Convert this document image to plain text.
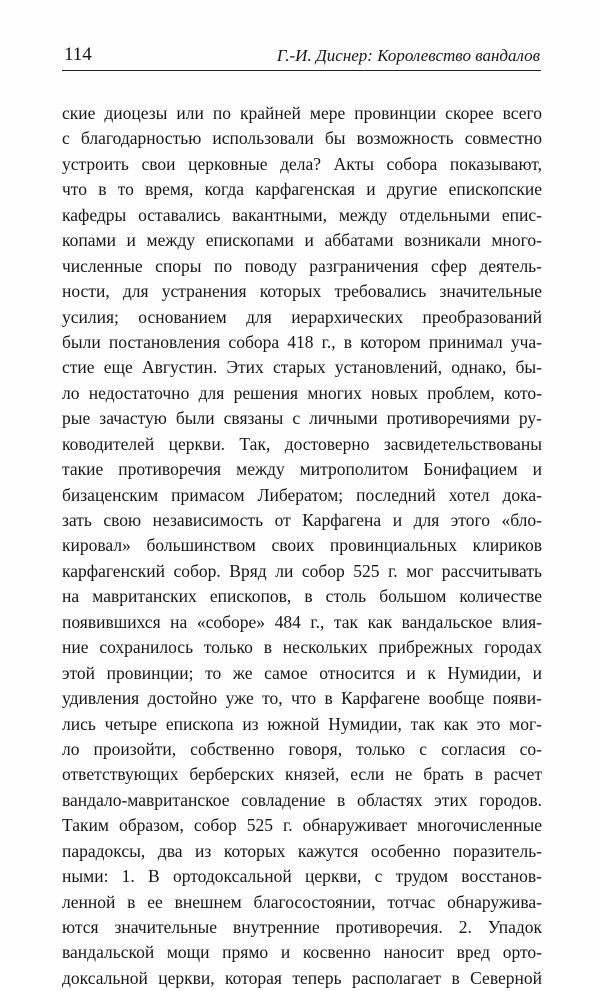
114	Г.-И. Диснер: Королевство вандалов
ские диоцезы или по крайней мере провинции скорее всего
с благодарностью использовали бы возможность совместно
устроить свои церковные дела? Акты собора показывают,
что в то время, когда карфагенская и другие епископские
кафедры оставались вакантными, между отдельными епис-
копами и между епископами и аббатами возникали много-
численные споры по поводу разграничения сфер деятель-
ности, для устранения которых требовались значительные
усилия; основанием для иерархических преобразований
были постановления собора 418 г., в котором принимал уча-
стие еще Августин. Этих старых установлений, однако, бы-
ло недостаточно для решения многих новых проблем, кото-
рые зачастую были связаны с личными противоречиями ру-
ководителей церкви. Так, достоверно засвидетельствованы
такие противоречия между митрополитом Бонифацием и
бизаценским примасом Либератом; последний хотел дока-
зать свою независимость от Карфагена и для этого «бло-
кировал» большинством своих провинциальных клириков
карфагенский собор. Вряд ли собор 525 г. мог рассчитывать
на мавританских епископов, в столь большом количестве
появившихся на «соборе» 484 г., так как вандальское влия-
ние сохранилось только в нескольких прибрежных городах
этой провинции; то же самое относится и к Нумидии, и
удивления достойно уже то, что в Карфагене вообще появи-
лись четыре епископа из южной Нумидии, так как это мог-
ло произойти, собственно говоря, только с согласия со-
ответствующих берберских князей, если не брать в расчет
вандало-мавританское совладение в областях этих городов.
Таким образом, собор 525 г. обнаруживает многочисленные
парадоксы, два из которых кажутся особенно поразитель-
ными: 1. В ортодоксальной церкви, с трудом восстанов-
ленной в ее внешнем благосостоянии, тотчас обнаружива-
ются значительные внутренние противоречия. 2. Упадок
вандальской мощи прямо и косвенно наносит вред орто-
доксальной церкви, которая теперь располагает в Северной
